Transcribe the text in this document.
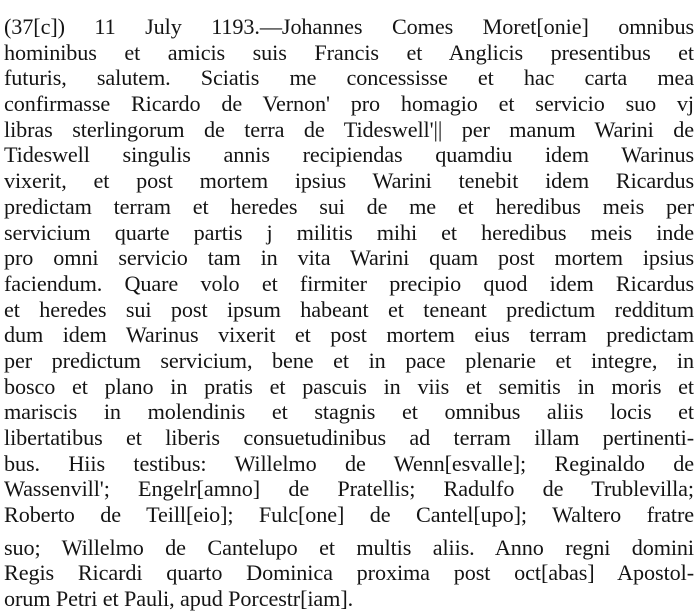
(37[c]) 11 July 1193.—Johannes Comes Moret[onie] omnibus
hominibus et amicis suis Francis et Anglicis presentibus et
futuris, salutem. Sciatis me concessisse et hac carta mea
confirmasse Ricardo de Vernon' pro homagio et servicio suo vj
libras sterlingorum de terra de Tideswell'|| per manum Warini de
Tideswell singulis annis recipiendas quamdiu idem Warinus
vixerit, et post mortem ipsius Warini tenebit idem Ricardus
predictam terram et heredes sui de me et heredibus meis per
servicium quarte partis j militis mihi et heredibus meis inde
pro omni servicio tam in vita Warini quam post mortem ipsius
faciendum. Quare volo et firmiter precipio quod idem Ricardus
et heredes sui post ipsum habeant et teneant predictum redditum
dum idem Warinus vixerit et post mortem eius terram predictam
per predictum servicium, bene et in pace plenarie et integre, in
bosco et plano in pratis et pascuis in viis et semitis in moris et
mariscis in molendinis et stagnis et omnibus aliis locis et
libertatibus et liberis consuetudinibus ad terram illam pertinenti-
bus. Hiis testibus: Willelmo de Wenn[esvalle]; Reginaldo de
Wassenvill'; Engelr[amno] de Pratellis; Radulfo de Trublevilla;
Roberto de Teill[eio]; Fulc[one] de Cantel[upo]; Waltero fratre
suo; Willelmo de Cantelupo et multis aliis. Anno regni domini
Regis Ricardi quarto Dominica proxima post oct[abas] Apostol-
orum Petri et Pauli, apud Porcestr[iam].
